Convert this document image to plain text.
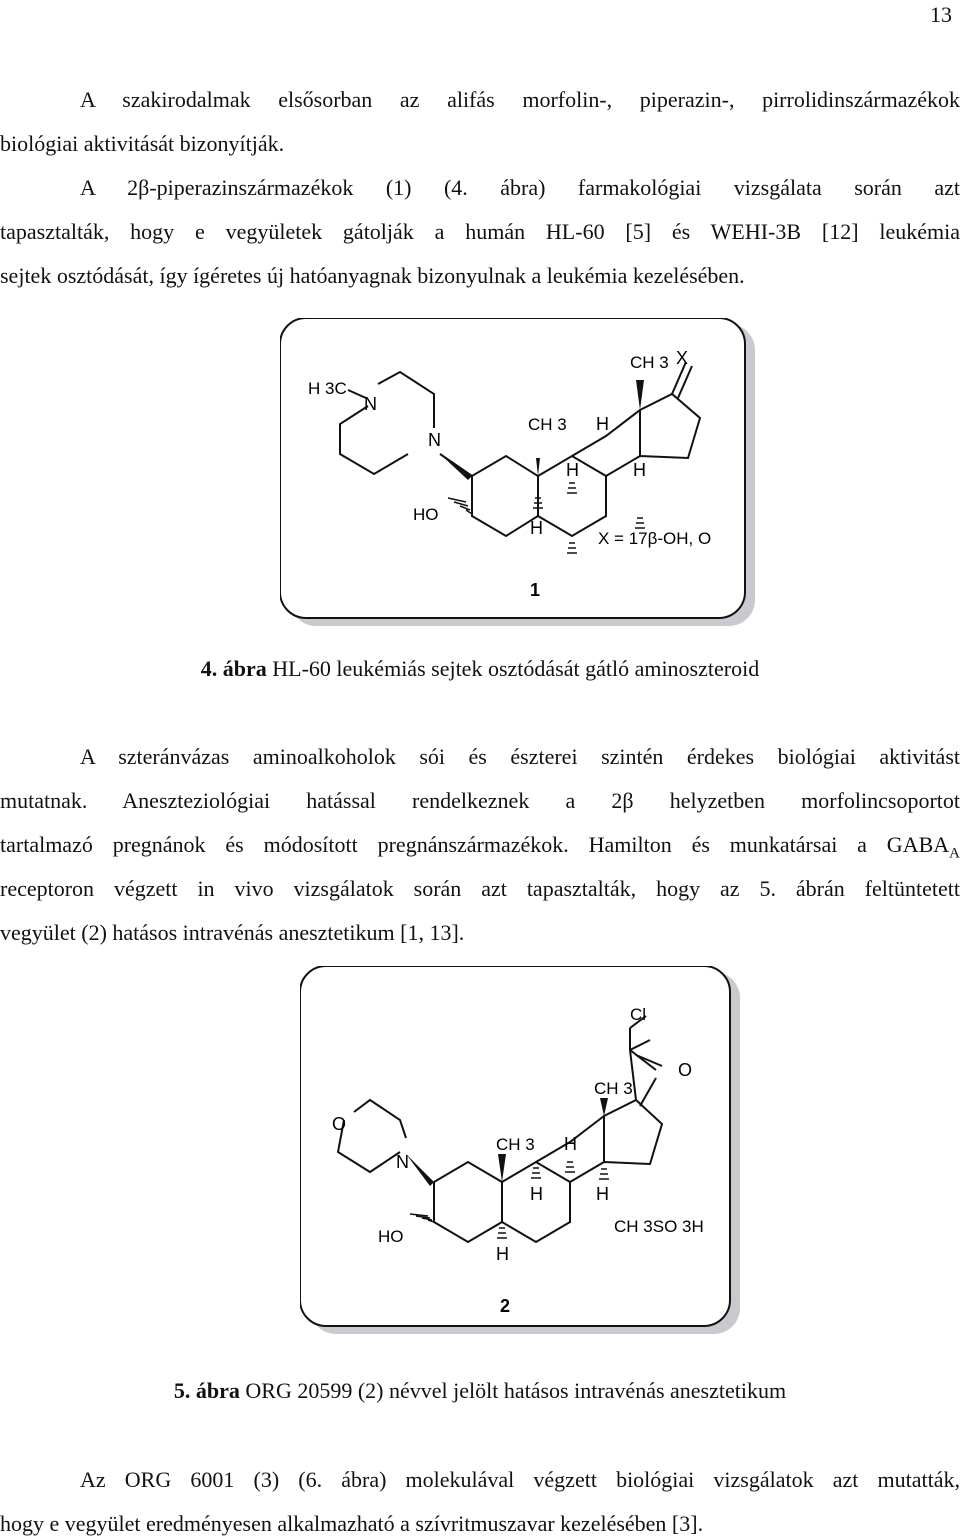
13
A szakirodalmak elsősorban az alifás morfolin-, piperazin-, pirrolidinszármazékok
biológiai aktivitását bizonyítják.
A 2β-piperazinszármazékok (1) (4. ábra) farmakológiai vizsgálata során azt
tapasztalták, hogy e vegyületek gátolják a humán HL-60 [5] és WEHI-3B [12] leukémia
sejtek osztódását, így ígéretes új hatóanyagnak bizonyulnak a leukémia kezelésében.
H 3C
N
N
CH 3
CH 3 X
H
H	H
H
HO
X = 17β-OH, O
1
4. ábra HL-60 leukémiás sejtek osztódását gátló aminoszteroid
A szteránvázas aminoalkoholok sói és észterei szintén érdekes biológiai aktivitást
mutatnak. Aneszteziológiai hatással rendelkeznek a 2β helyzetben morfolincsoportot
tartalmazó pregnánok és módosított pregnánszármazékok. Hamilton és munkatársai a $GABA_A$
receptoron végzett in vivo vizsgálatok során azt tapasztalták, hogy az 5. ábrán feltüntetett
vegyület (2) hatásos intravénás anesztetikum [1, 13].
Cl
O
CH 3
CH 3
O
N
H
H	H
H
HO
CH 3SO 3H
2
5. ábra ORG 20599 (2) névvel jelölt hatásos intravénás anesztetikum
Az ORG 6001 (3) (6. ábra) molekulával végzett biológiai vizsgálatok azt mutatták,
hogy e vegyület eredményesen alkalmazható a szívritmuszavar kezelésében [3].
